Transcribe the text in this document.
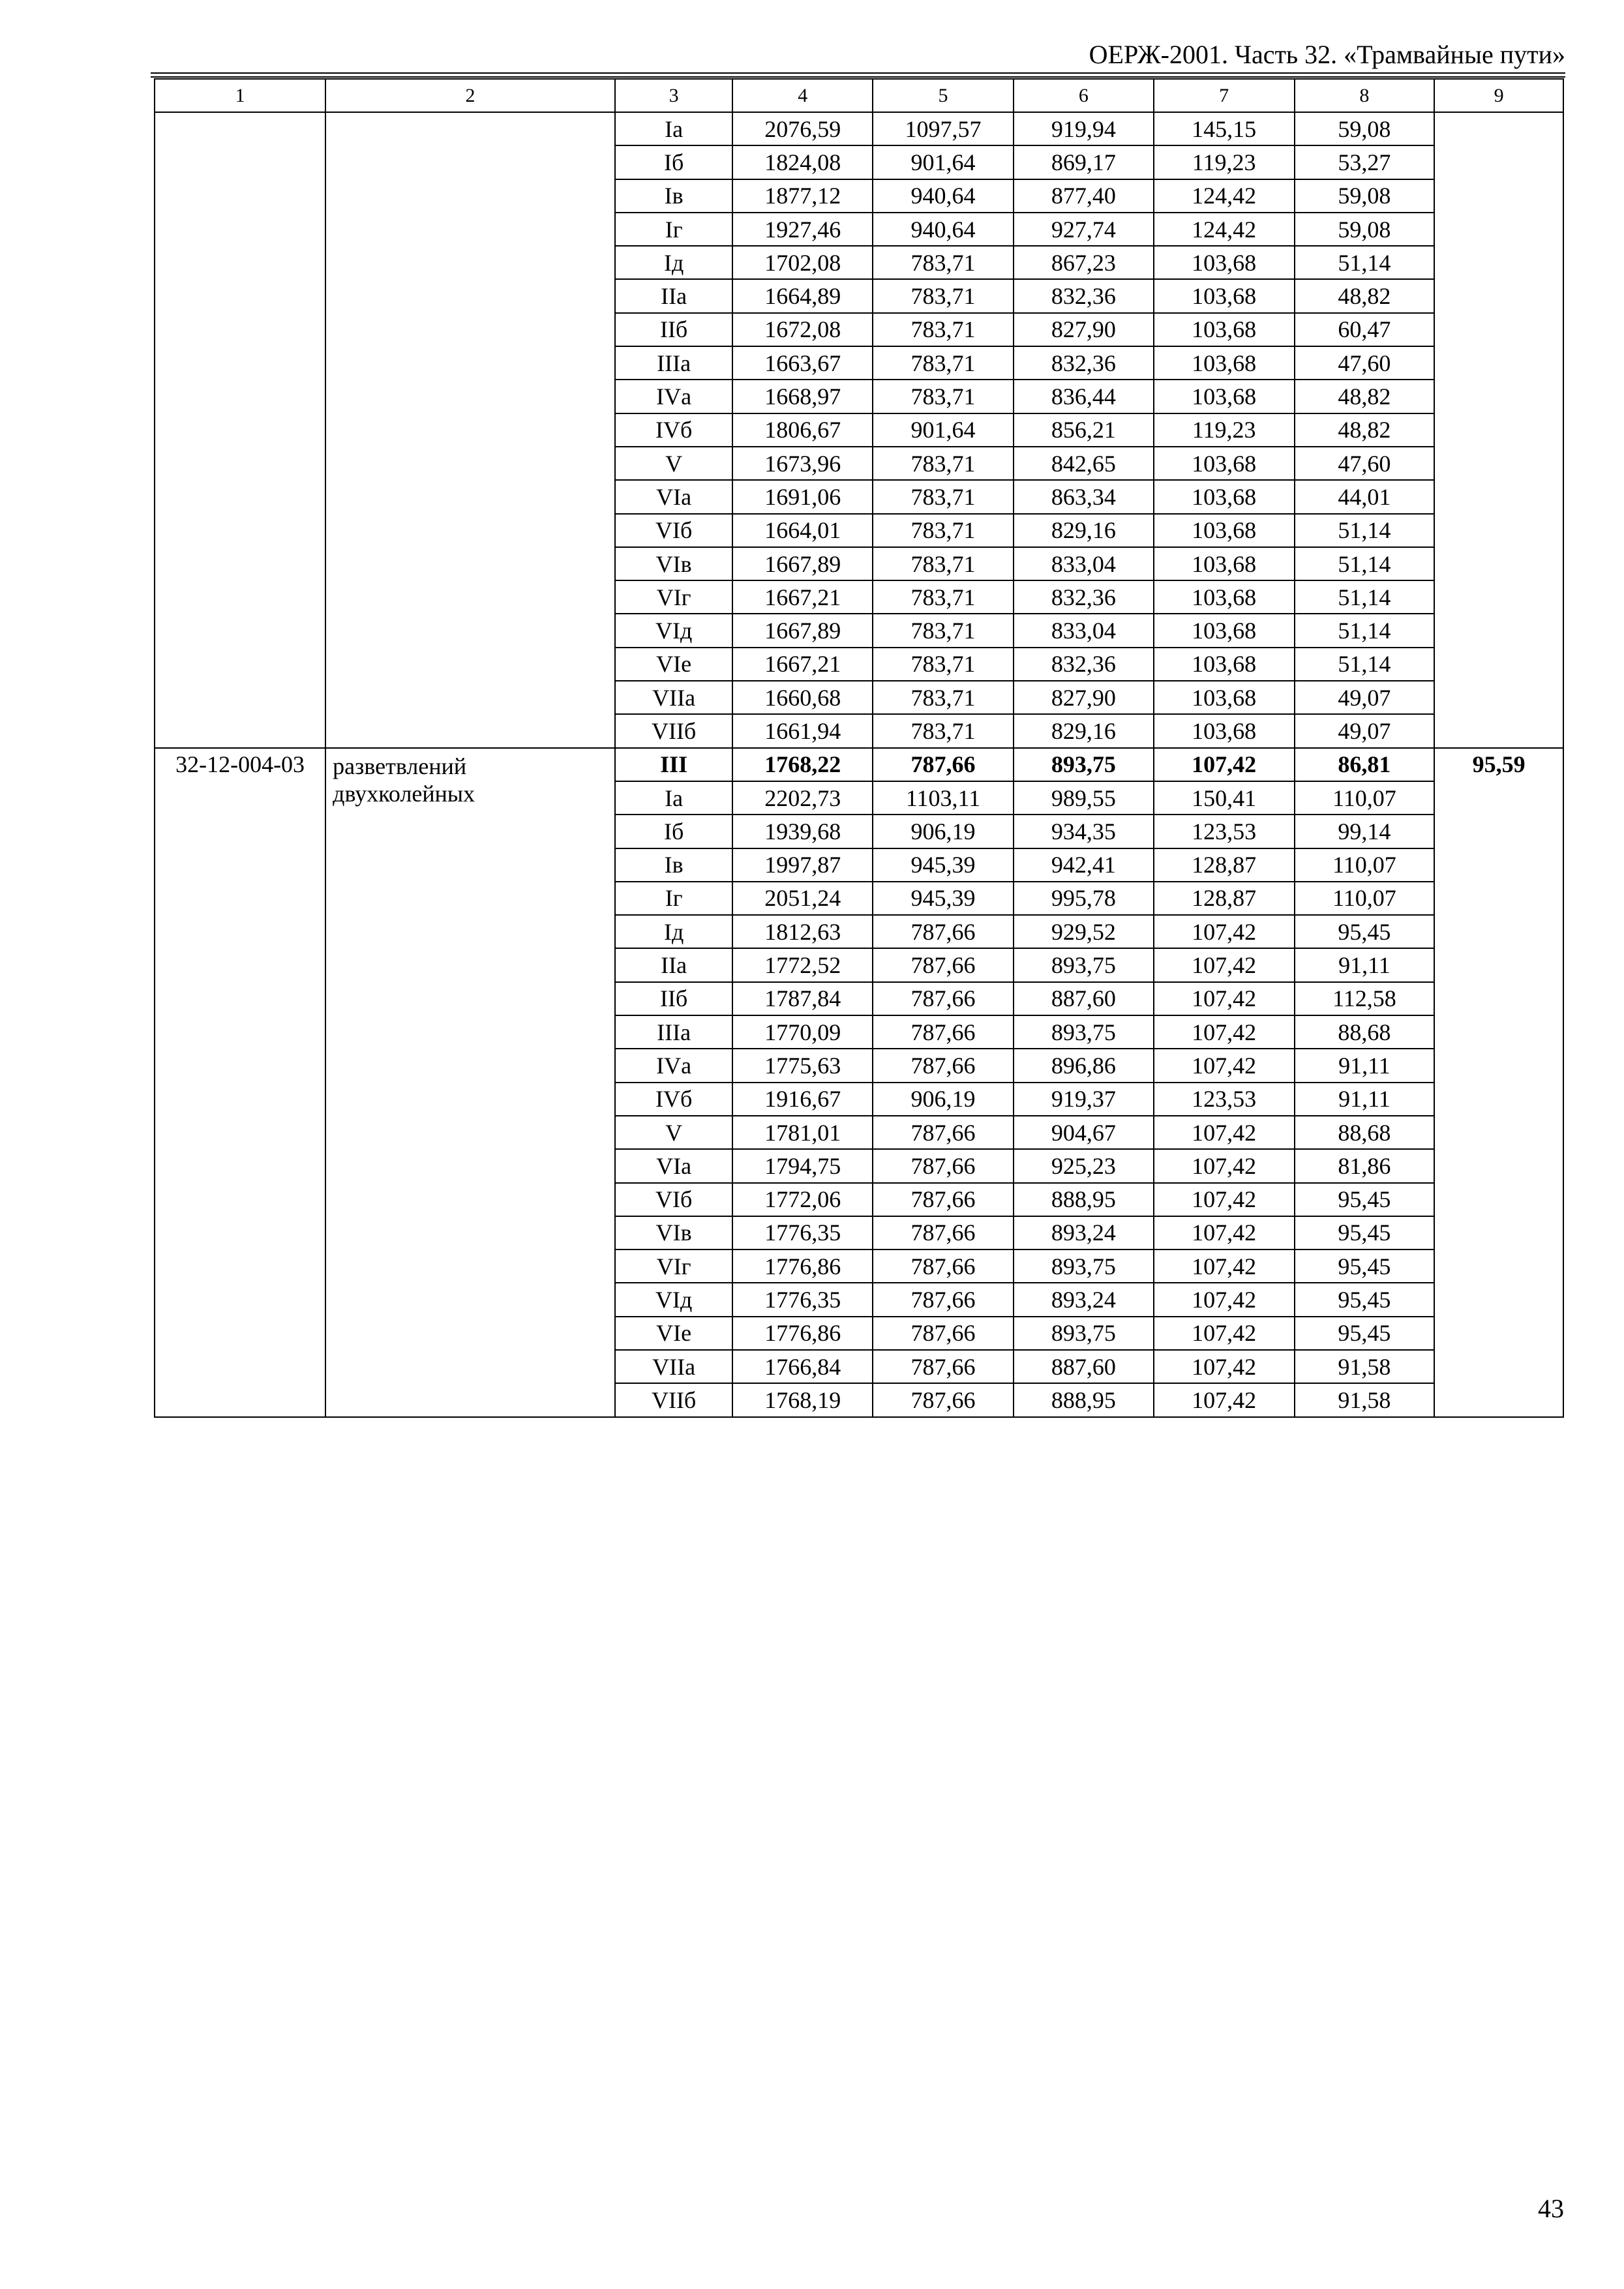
ОЕРЖ-2001. Часть 32. «Трамвайные пути»
1	2	3	4	5	6	7	8	9
		Iа	2076,59	1097,57	919,94	145,15	59,08	
		Iб	1824,08	901,64	869,17	119,23	53,27	
		Iв	1877,12	940,64	877,40	124,42	59,08	
		Iг	1927,46	940,64	927,74	124,42	59,08	
		Iд	1702,08	783,71	867,23	103,68	51,14	
		IIа	1664,89	783,71	832,36	103,68	48,82	
		IIб	1672,08	783,71	827,90	103,68	60,47	
		IIIа	1663,67	783,71	832,36	103,68	47,60	
		IVа	1668,97	783,71	836,44	103,68	48,82	
		IVб	1806,67	901,64	856,21	119,23	48,82	
		V	1673,96	783,71	842,65	103,68	47,60	
		VIа	1691,06	783,71	863,34	103,68	44,01	
		VIб	1664,01	783,71	829,16	103,68	51,14	
		VIв	1667,89	783,71	833,04	103,68	51,14	
		VIг	1667,21	783,71	832,36	103,68	51,14	
		VIд	1667,89	783,71	833,04	103,68	51,14	
		VIе	1667,21	783,71	832,36	103,68	51,14	
		VIIа	1660,68	783,71	827,90	103,68	49,07	
		VIIб	1661,94	783,71	829,16	103,68	49,07	
32-12-004-03	разветвлений двухколейных	III	1768,22	787,66	893,75	107,42	86,81	95,59
		Iа	2202,73	1103,11	989,55	150,41	110,07	
		Iб	1939,68	906,19	934,35	123,53	99,14	
		Iв	1997,87	945,39	942,41	128,87	110,07	
		Iг	2051,24	945,39	995,78	128,87	110,07	
		Iд	1812,63	787,66	929,52	107,42	95,45	
		IIа	1772,52	787,66	893,75	107,42	91,11	
		IIб	1787,84	787,66	887,60	107,42	112,58	
		IIIа	1770,09	787,66	893,75	107,42	88,68	
		IVа	1775,63	787,66	896,86	107,42	91,11	
		IVб	1916,67	906,19	919,37	123,53	91,11	
		V	1781,01	787,66	904,67	107,42	88,68	
		VIа	1794,75	787,66	925,23	107,42	81,86	
		VIб	1772,06	787,66	888,95	107,42	95,45	
		VIв	1776,35	787,66	893,24	107,42	95,45	
		VIг	1776,86	787,66	893,75	107,42	95,45	
		VIд	1776,35	787,66	893,24	107,42	95,45	
		VIе	1776,86	787,66	893,75	107,42	95,45	
		VIIа	1766,84	787,66	887,60	107,42	91,58	
		VIIб	1768,19	787,66	888,95	107,42	91,58	
43
